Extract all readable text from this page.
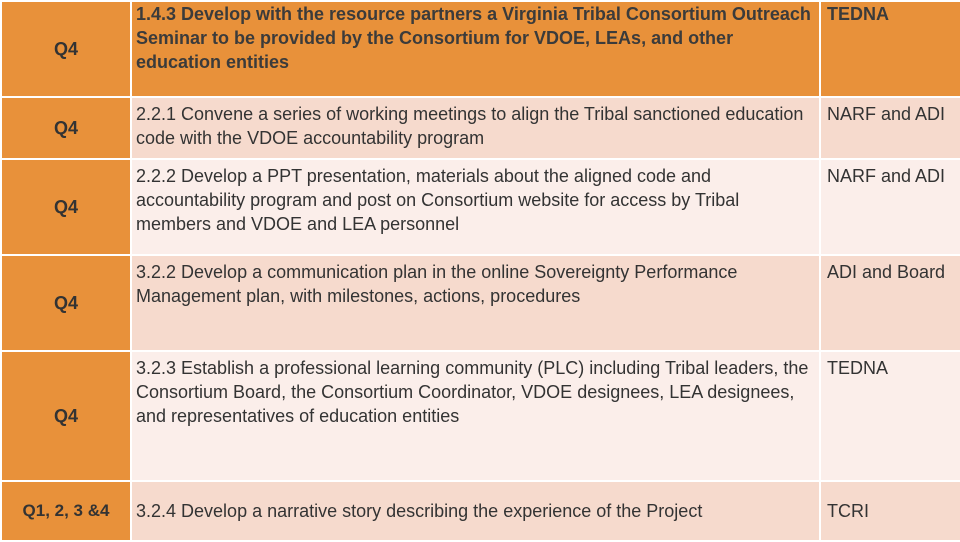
Q4	1.4.3 Develop with the resource partners a Virginia Tribal Consortium Outreach Seminar to be provided by the Consortium for VDOE, LEAs, and other education entities	TEDNA

Q4	2.2.1 Convene a series of working meetings to align the Tribal sanctioned education code with the VDOE accountability program	NARF and ADI

Q4	2.2.2 Develop a PPT presentation, materials about the aligned code and accountability program and post on Consortium website for access by Tribal members and VDOE and LEA personnel	NARF and ADI

Q4	3.2.2 Develop a communication plan in the online Sovereignty Performance Management plan, with milestones, actions, procedures	ADI and Board

Q4	3.2.3 Establish a professional learning community (PLC) including Tribal leaders, the Consortium Board, the Consortium Coordinator, VDOE designees, LEA designees, and representatives of education entities	TEDNA

Q1, 2, 3 &4	3.2.4 Develop a narrative story describing the experience of the Project	TCRI
